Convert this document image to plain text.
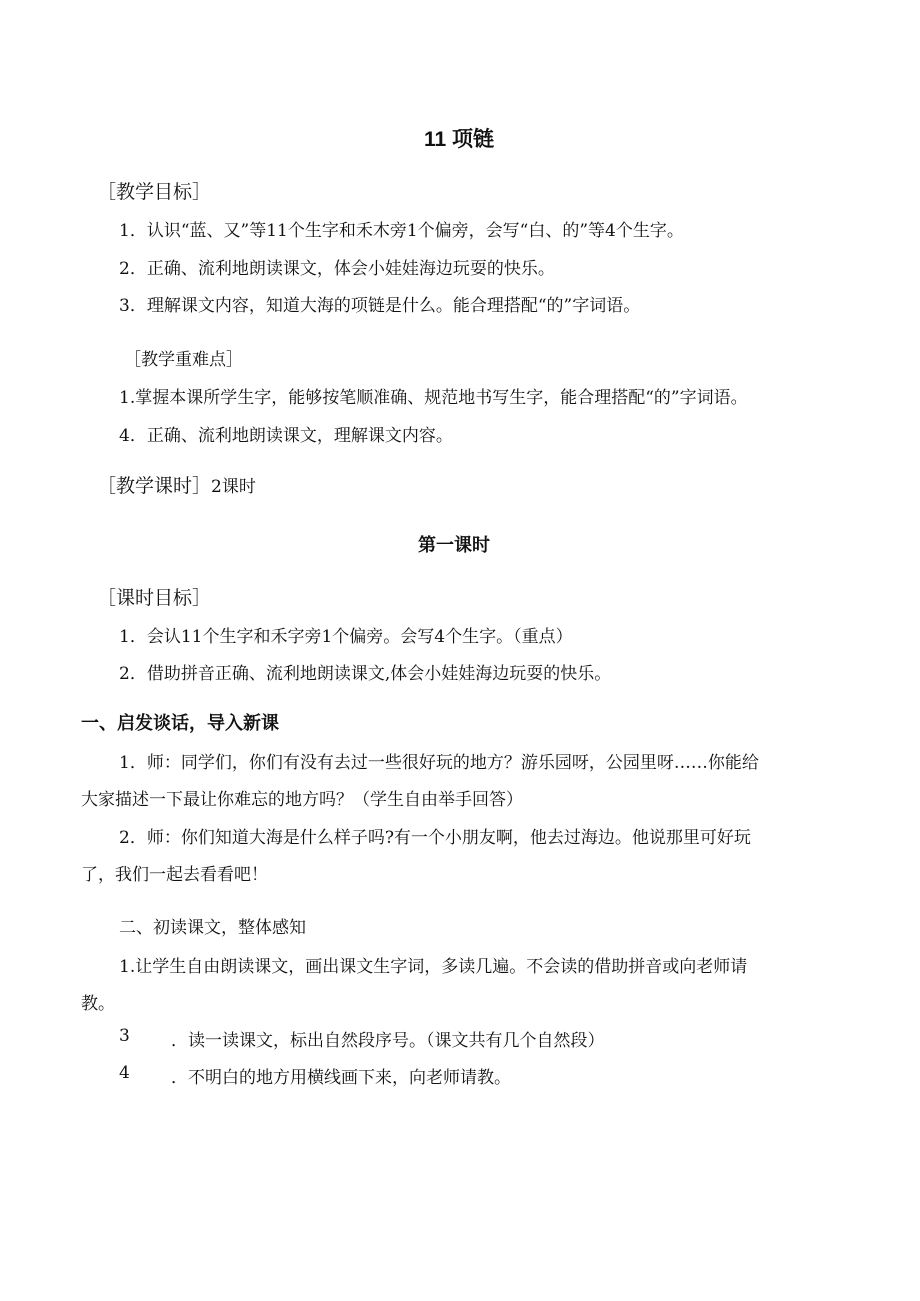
11 项链
［教学目标］
1．认识“蓝、又”等11个生字和禾木旁1个偏旁，会写“白、的”等4个生字。
2．正确、流利地朗读课文，体会小娃娃海边玩耍的快乐。
3．理解课文内容，知道大海的项链是什么。能合理搭配“的”字词语。
［教学重难点］
1.掌握本课所学生字，能够按笔顺准确、规范地书写生字，能合理搭配“的”字词语。
4．正确、流利地朗读课文，理解课文内容。
［教学课时］2课时
第一课时
［课时目标］
1．会认11个生字和禾字旁1个偏旁。会写4个生字。（重点）
2．借助拼音正确、流利地朗读课文,体会小娃娃海边玩耍的快乐。
一、启发谈话，导入新课
1．师：同学们，你们有没有去过一些很好玩的地方？游乐园呀，公园里呀……你能给
大家描述一下最让你难忘的地方吗？（学生自由举手回答）
2．师：你们知道大海是什么样子吗?有一个小朋友啊，他去过海边。他说那里可好玩
了，我们一起去看看吧！
二、初读课文，整体感知
1.让学生自由朗读课文，画出课文生字词，多读几遍。不会读的借助拼音或向老师请
教。
3 ．读一读课文，标出自然段序号。（课文共有几个自然段）
4 ．不明白的地方用横线画下来，向老师请教。
